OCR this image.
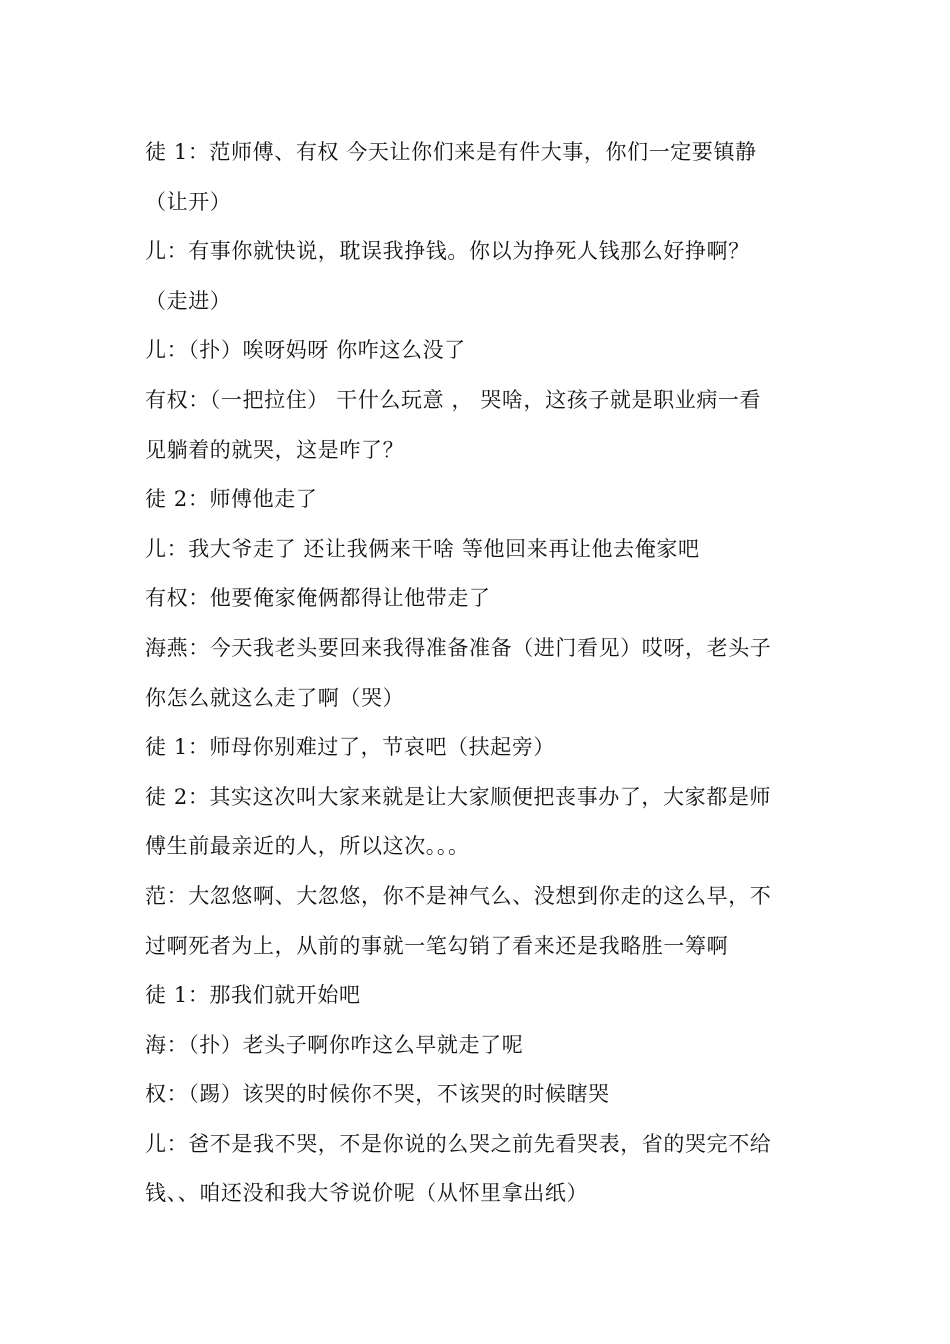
徒 1：范师傅、有权 今天让你们来是有件大事，你们一定要镇静
（让开）
儿：有事你就快说，耽误我挣钱。你以为挣死人钱那么好挣啊？
（走进）
儿：（扑）唉呀妈呀 你咋这么没了
有权：（一把拉住） 干什么玩意 ， 哭啥，这孩子就是职业病一看
见躺着的就哭，这是咋了？
徒 2：师傅他走了
儿：我大爷走了 还让我俩来干啥 等他回来再让他去俺家吧
有权：他要俺家俺俩都得让他带走了
海燕：今天我老头要回来我得准备准备（进门看见）哎呀，老头子
你怎么就这么走了啊（哭）
徒 1：师母你别难过了，节哀吧（扶起旁）
徒 2：其实这次叫大家来就是让大家顺便把丧事办了，大家都是师
傅生前最亲近的人，所以这次。。。
范：大忽悠啊、大忽悠，你不是神气么、没想到你走的这么早，不
过啊死者为上，从前的事就一笔勾销了看来还是我略胜一筹啊
徒 1：那我们就开始吧
海：（扑）老头子啊你咋这么早就走了呢
权：（踢）该哭的时候你不哭，不该哭的时候瞎哭
儿：爸不是我不哭，不是你说的么哭之前先看哭表，省的哭完不给
钱、、咱还没和我大爷说价呢（从怀里拿出纸）
